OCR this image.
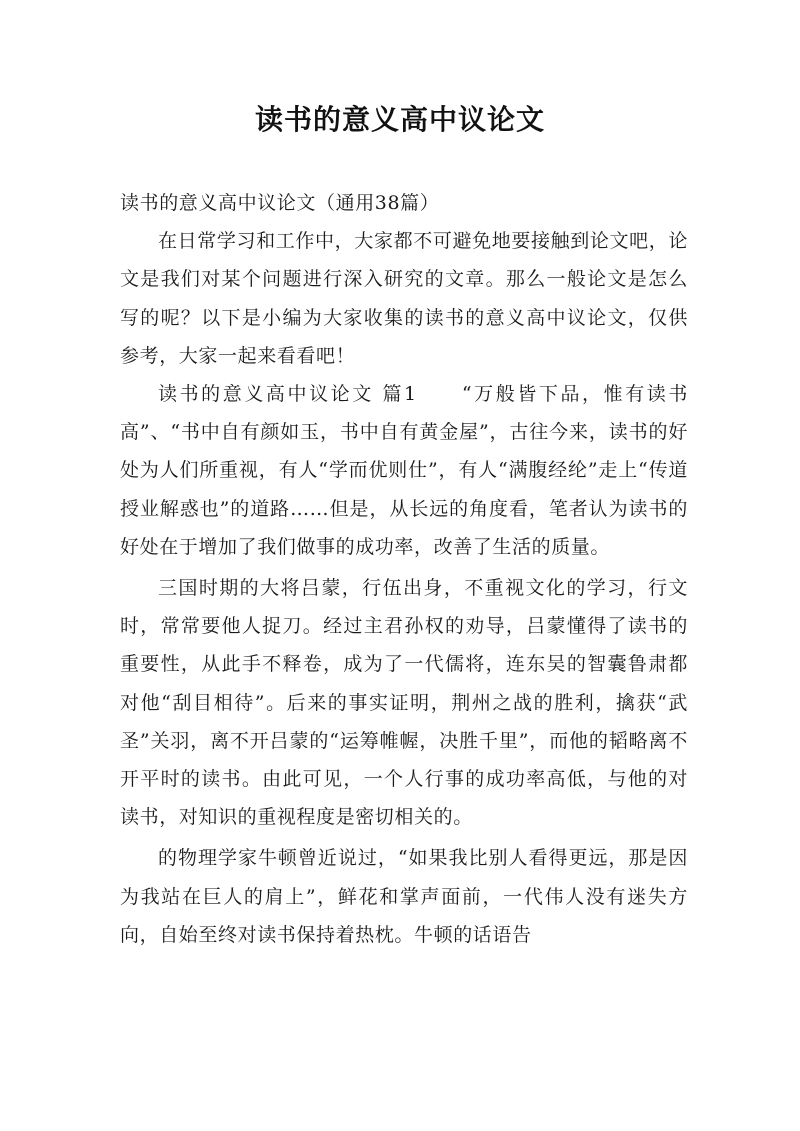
读书的意义高中议论文

读书的意义高中议论文（通用38篇）

在日常学习和工作中，大家都不可避免地要接触到论文吧，论文是我们对某个问题进行深入研究的文章。那么一般论文是怎么写的呢？以下是小编为大家收集的读书的意义高中议论文，仅供参考，大家一起来看看吧！

读书的意义高中议论文 篇1　　“万般皆下品，惟有读书高”、“书中自有颜如玉，书中自有黄金屋”，古往今来，读书的好处为人们所重视，有人“学而优则仕”，有人“满腹经纶”走上“传道授业解惑也”的道路……但是，从长远的角度看，笔者认为读书的好处在于增加了我们做事的成功率，改善了生活的质量。

三国时期的大将吕蒙，行伍出身，不重视文化的学习，行文时，常常要他人捉刀。经过主君孙权的劝导，吕蒙懂得了读书的重要性，从此手不释卷，成为了一代儒将，连东吴的智囊鲁肃都对他“刮目相待”。后来的事实证明，荆州之战的胜利，擒获“武圣”关羽，离不开吕蒙的“运筹帷幄，决胜千里”，而他的韬略离不开平时的读书。由此可见，一个人行事的成功率高低，与他的对读书，对知识的重视程度是密切相关的。

的物理学家牛顿曾近说过，“如果我比别人看得更远，那是因为我站在巨人的肩上”，鲜花和掌声面前，一代伟人没有迷失方向，自始至终对读书保持着热枕。牛顿的话语告
